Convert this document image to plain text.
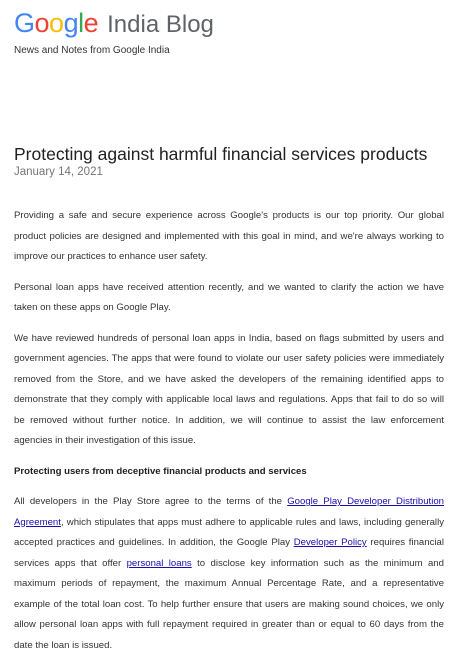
Google India Blog
News and Notes from Google India
Protecting against harmful financial services products
January 14, 2021

Providing a safe and secure experience across Google's products is our top priority. Our global product policies are designed and implemented with this goal in mind, and we're always working to improve our practices to enhance user safety.

Personal loan apps have received attention recently, and we wanted to clarify the action we have taken on these apps on Google Play.

We have reviewed hundreds of personal loan apps in India, based on flags submitted by users and government agencies. The apps that were found to violate our user safety policies were immediately removed from the Store, and we have asked the developers of the remaining identified apps to demonstrate that they comply with applicable local laws and regulations. Apps that fail to do so will be removed without further notice. In addition, we will continue to assist the law enforcement agencies in their investigation of this issue.

Protecting users from deceptive financial products and services

All developers in the Play Store agree to the terms of the Google Play Developer Distribution Agreement, which stipulates that apps must adhere to applicable rules and laws, including generally accepted practices and guidelines. In addition, the Google Play Developer Policy requires financial services apps that offer personal loans to disclose key information such as the minimum and maximum periods of repayment, the maximum Annual Percentage Rate, and a representative example of the total loan cost. To help further ensure that users are making sound choices, we only allow personal loan apps with full repayment required in greater than or equal to 60 days from the date the loan is issued.
